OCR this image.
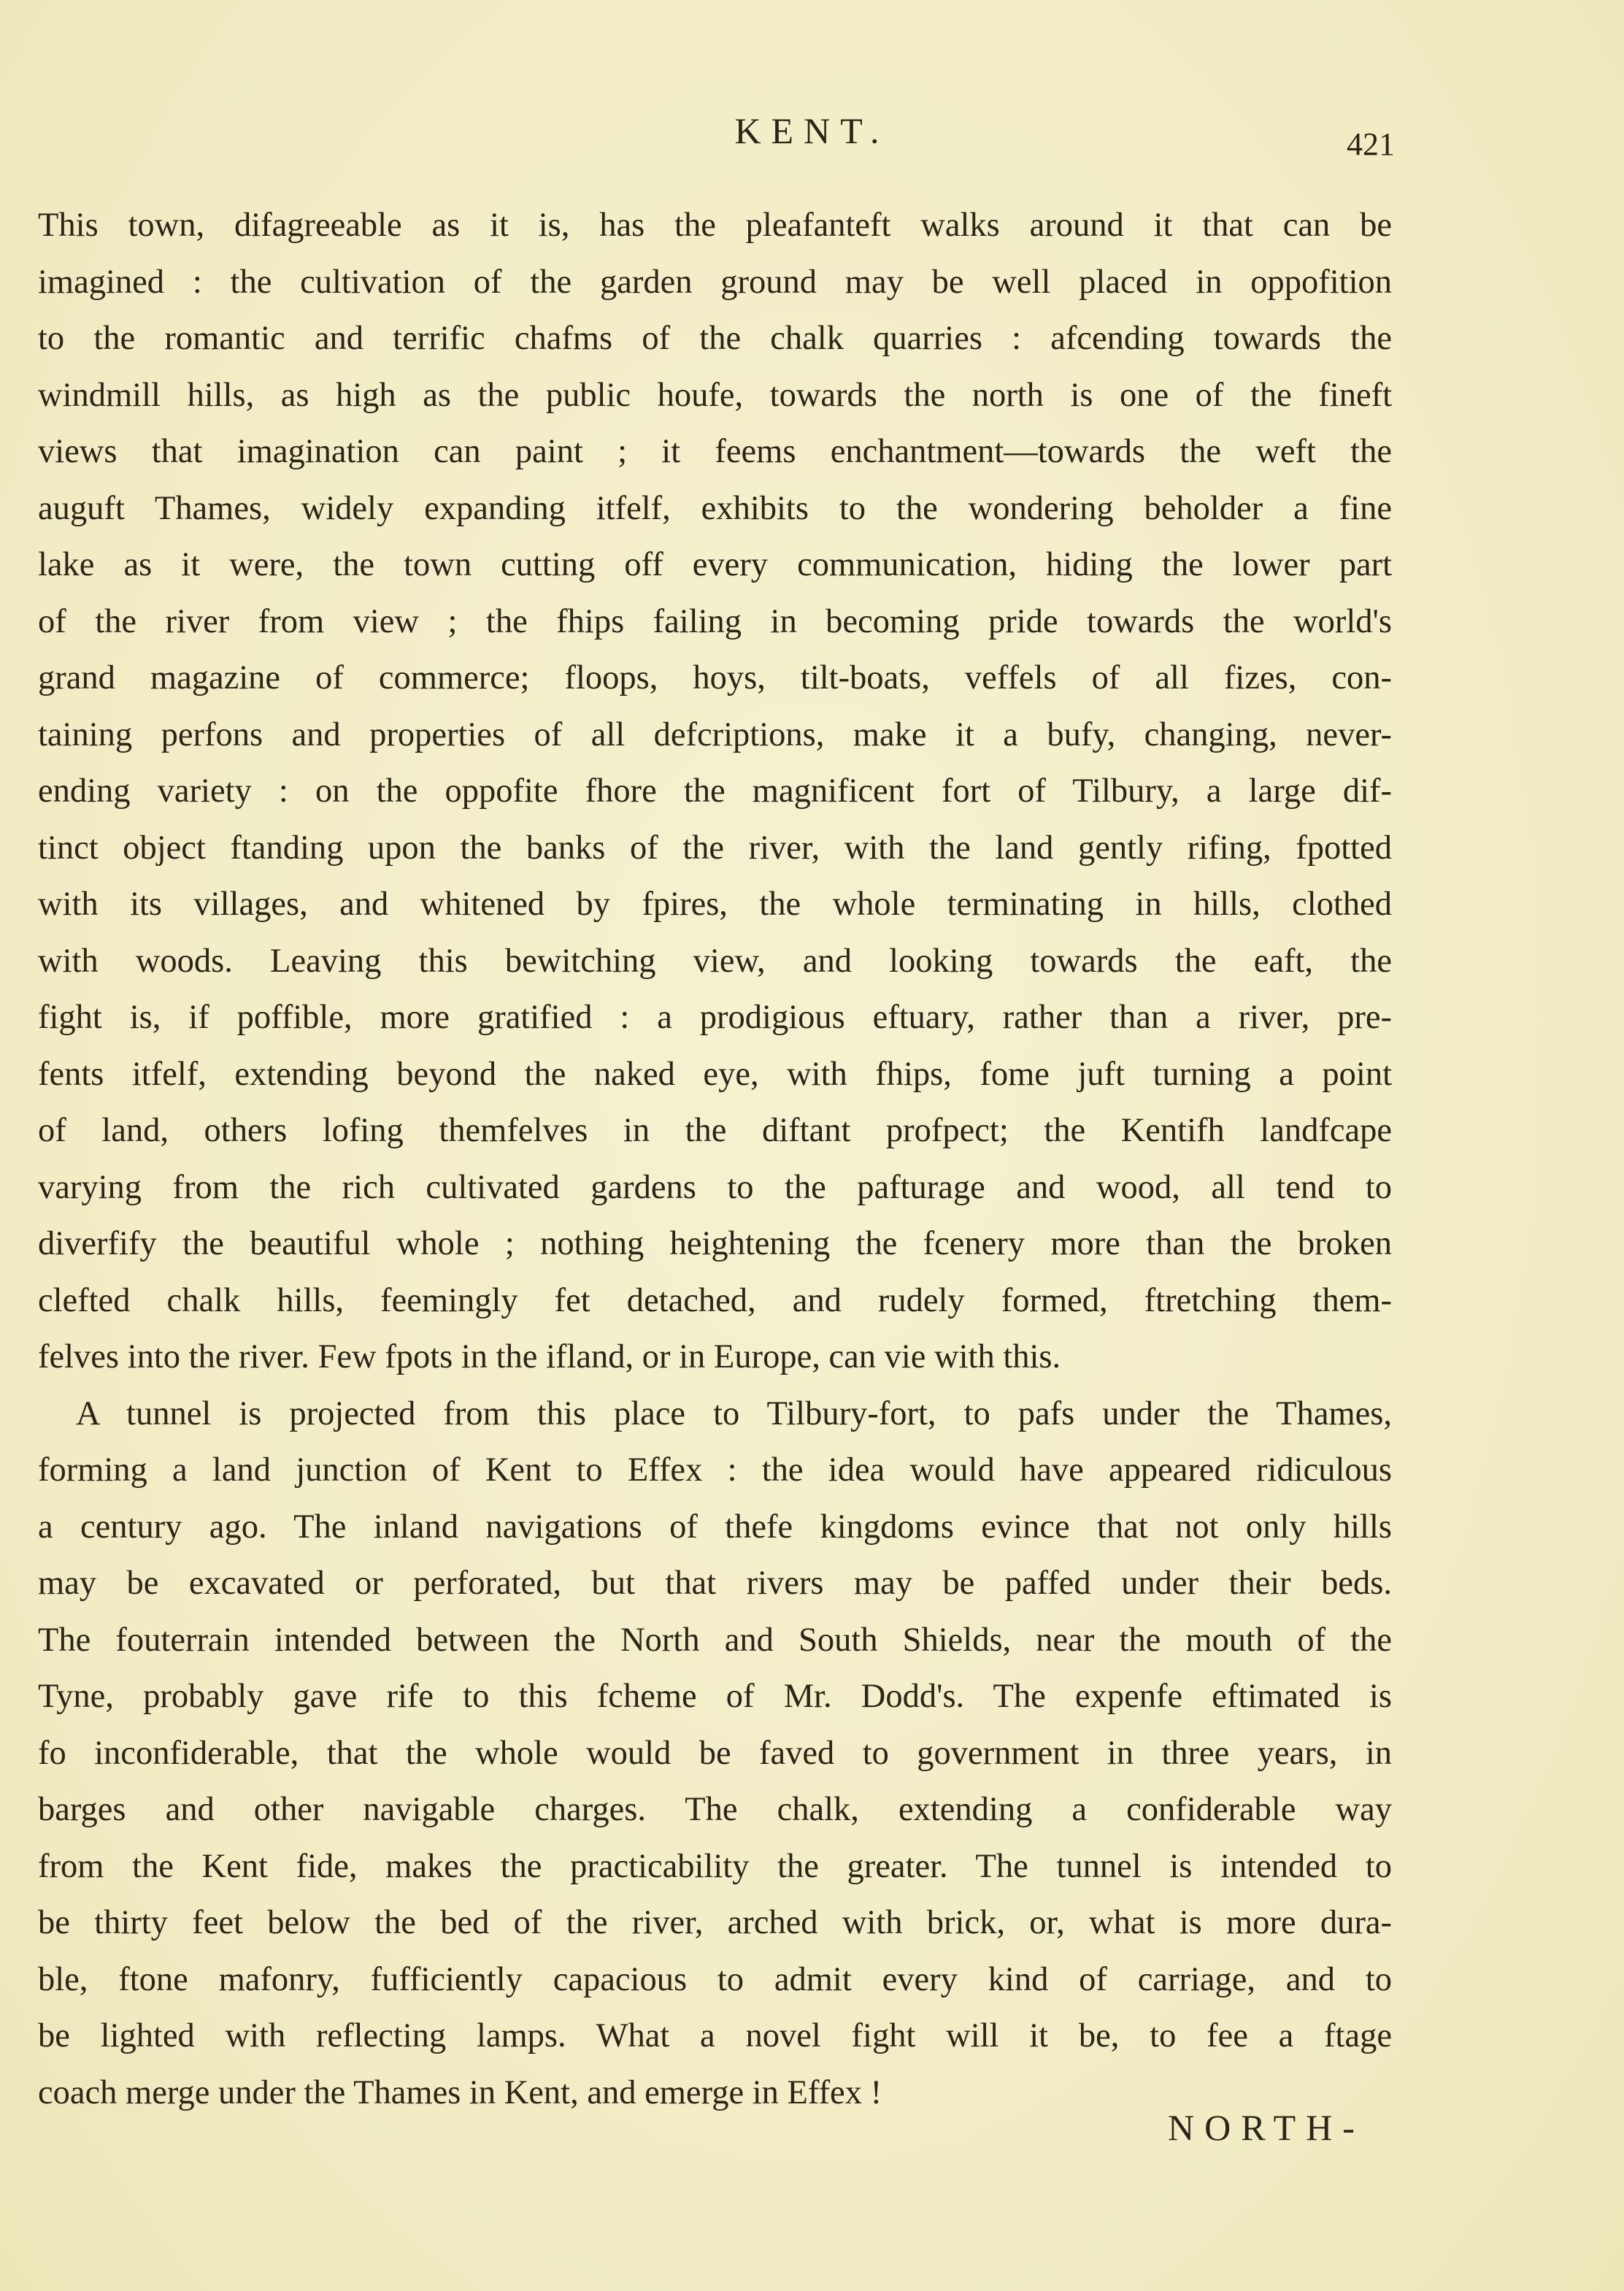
KENT.	421
This town, difagreeable as it is, has the pleafanteft walks around it that can be
imagined : the cultivation of the garden ground may be well placed in oppofition
to the romantic and terrific chafms of the chalk quarries : afcending towards the
windmill hills, as high as the public houfe, towards the north is one of the fineft
views that imagination can paint ; it feems enchantment—towards the weft the
auguft Thames, widely expanding itfelf, exhibits to the wondering beholder a fine
lake as it were, the town cutting off every communication, hiding the lower part
of the river from view ; the fhips failing in becoming pride towards the world's
grand magazine of commerce; floops, hoys, tilt-boats, veffels of all fizes, con-
taining perfons and properties of all defcriptions, make it a bufy, changing, never-
ending variety : on the oppofite fhore the magnificent fort of Tilbury, a large dif-
tinct object ftanding upon the banks of the river, with the land gently rifing, fpotted
with its villages, and whitened by fpires, the whole terminating in hills, clothed
with woods. Leaving this bewitching view, and looking towards the eaft, the
fight is, if poffible, more gratified : a prodigious eftuary, rather than a river, pre-
fents itfelf, extending beyond the naked eye, with fhips, fome juft turning a point
of land, others lofing themfelves in the diftant profpect; the Kentifh landfcape
varying from the rich cultivated gardens to the pafturage and wood, all tend to
diverfify the beautiful whole ; nothing heightening the fcenery more than the broken
clefted chalk hills, feemingly fet detached, and rudely formed, ftretching them-
felves into the river. Few fpots in the ifland, or in Europe, can vie with this.
A tunnel is projected from this place to Tilbury-fort, to pafs under the Thames,
forming a land junction of Kent to Effex : the idea would have appeared ridiculous
a century ago. The inland navigations of thefe kingdoms evince that not only hills
may be excavated or perforated, but that rivers may be paffed under their beds.
The fouterrain intended between the North and South Shields, near the mouth of the
Tyne, probably gave rife to this fcheme of Mr. Dodd's. The expenfe eftimated is
fo inconfiderable, that the whole would be faved to government in three years, in
barges and other navigable charges. The chalk, extending a confiderable way
from the Kent fide, makes the practicability the greater. The tunnel is intended to
be thirty feet below the bed of the river, arched with brick, or, what is more dura-
ble, ftone mafonry, fufficiently capacious to admit every kind of carriage, and to
be lighted with reflecting lamps. What a novel fight will it be, to fee a ftage
coach merge under the Thames in Kent, and emerge in Effex !
NORTH-
